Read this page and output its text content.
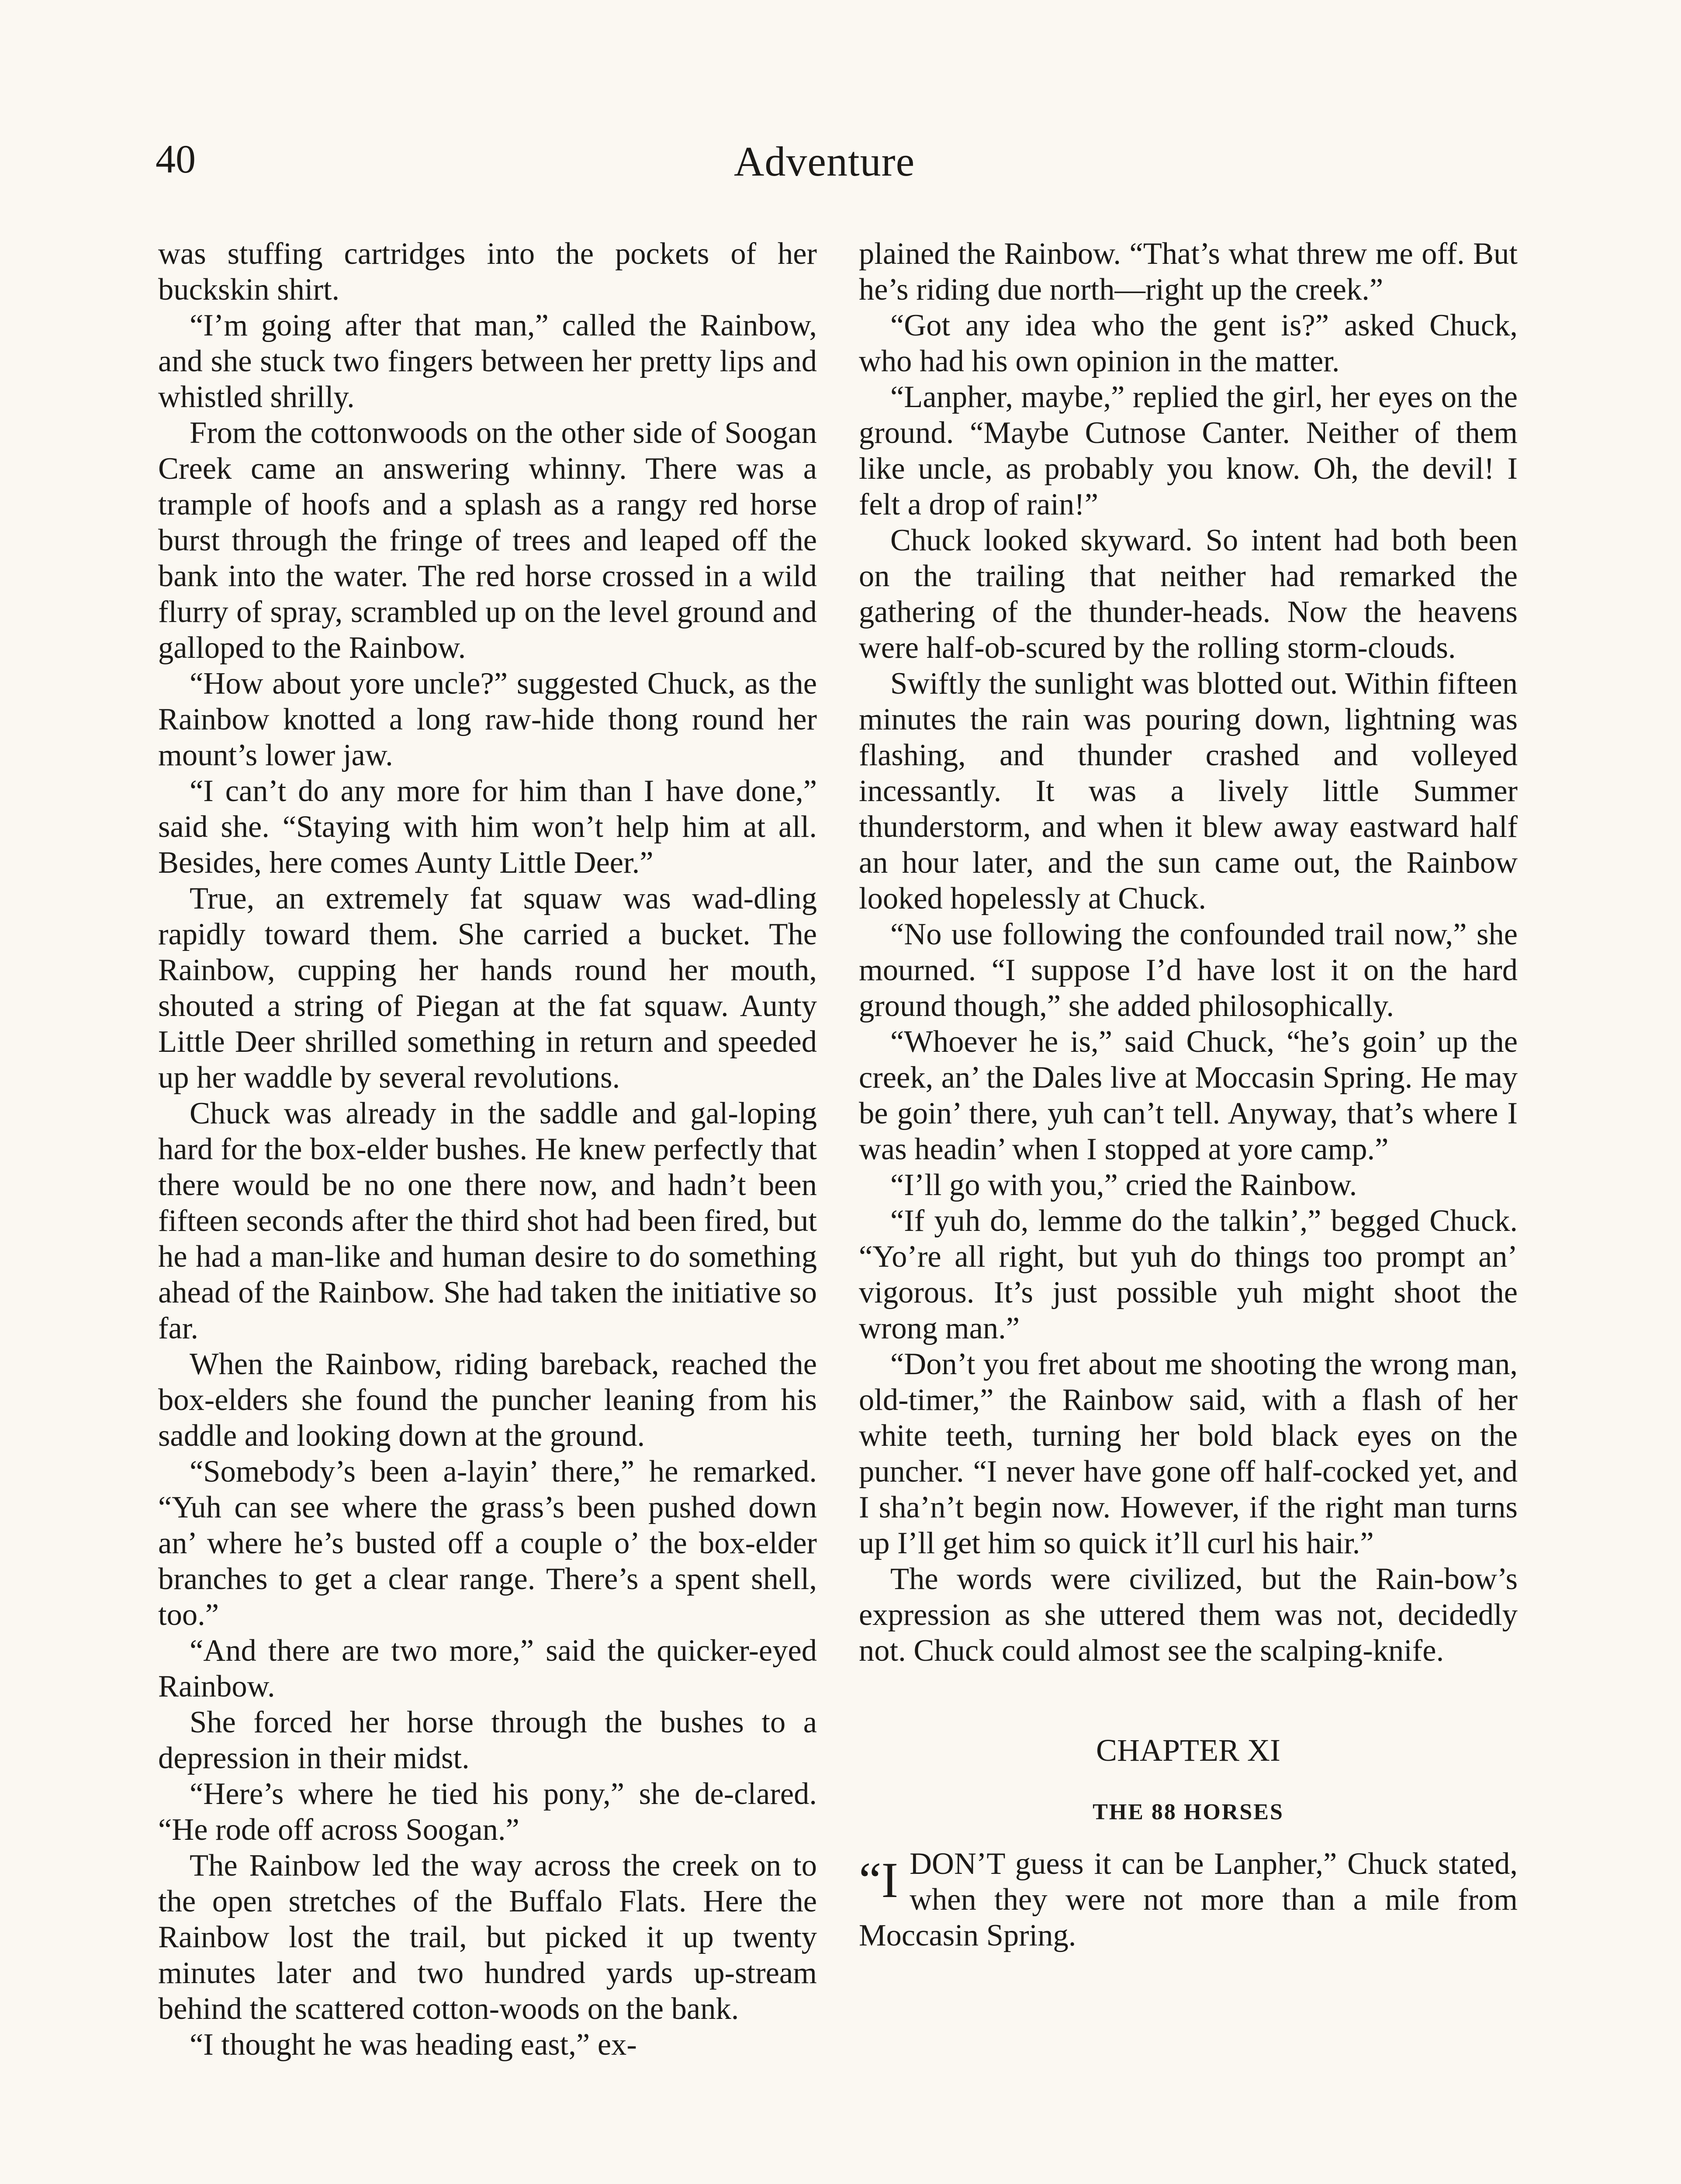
40	Adventure

was stuffing cartridges into the pockets of her buckskin shirt.

“I’m going after that man,” called the Rainbow, and she stuck two fingers between her pretty lips and whistled shrilly.

From the cottonwoods on the other side of Soogan Creek came an answering whinny. There was a trample of hoofs and a splash as a rangy red horse burst through the fringe of trees and leaped off the bank into the water. The red horse crossed in a wild flurry of spray, scrambled up on the level ground and galloped to the Rainbow.

“How about yore uncle?” suggested Chuck, as the Rainbow knotted a long raw-hide thong round her mount’s lower jaw.

“I can’t do any more for him than I have done,” said she. “Staying with him won’t help him at all. Besides, here comes Aunty Little Deer.”

True, an extremely fat squaw was wad-dling rapidly toward them. She carried a bucket. The Rainbow, cupping her hands round her mouth, shouted a string of Piegan at the fat squaw. Aunty Little Deer shrilled something in return and speeded up her waddle by several revolutions.

Chuck was already in the saddle and gal-loping hard for the box-elder bushes. He knew perfectly that there would be no one there now, and hadn’t been fifteen seconds after the third shot had been fired, but he had a man-like and human desire to do something ahead of the Rainbow. She had taken the initiative so far.

When the Rainbow, riding bareback, reached the box-elders she found the puncher leaning from his saddle and looking down at the ground.

“Somebody’s been a-layin’ there,” he remarked. “Yuh can see where the grass’s been pushed down an’ where he’s busted off a couple o’ the box-elder branches to get a clear range. There’s a spent shell, too.”

“And there are two more,” said the quicker-eyed Rainbow.

She forced her horse through the bushes to a depression in their midst.

“Here’s where he tied his pony,” she de-clared. “He rode off across Soogan.”

The Rainbow led the way across the creek on to the open stretches of the Buffalo Flats. Here the Rainbow lost the trail, but picked it up twenty minutes later and two hundred yards up-stream behind the scattered cotton-woods on the bank.

“I thought he was heading east,” ex-

plained the Rainbow. “That’s what threw me off. But he’s riding due north—right up the creek.”

“Got any idea who the gent is?” asked Chuck, who had his own opinion in the matter.

“Lanpher, maybe,” replied the girl, her eyes on the ground. “Maybe Cutnose Canter. Neither of them like uncle, as probably you know. Oh, the devil! I felt a drop of rain!”

Chuck looked skyward. So intent had both been on the trailing that neither had remarked the gathering of the thunder-heads. Now the heavens were half-ob-scured by the rolling storm-clouds.

Swiftly the sunlight was blotted out. Within fifteen minutes the rain was pouring down, lightning was flashing, and thunder crashed and volleyed incessantly. It was a lively little Summer thunderstorm, and when it blew away eastward half an hour later, and the sun came out, the Rainbow looked hopelessly at Chuck.

“No use following the confounded trail now,” she mourned. “I suppose I’d have lost it on the hard ground though,” she added philosophically.

“Whoever he is,” said Chuck, “he’s goin’ up the creek, an’ the Dales live at Moccasin Spring. He may be goin’ there, yuh can’t tell. Anyway, that’s where I was headin’ when I stopped at yore camp.”

“I’ll go with you,” cried the Rainbow.

“If yuh do, lemme do the talkin’,” begged Chuck. “Yo’re all right, but yuh do things too prompt an’ vigorous. It’s just possible yuh might shoot the wrong man.”

“Don’t you fret about me shooting the wrong man, old-timer,” the Rainbow said, with a flash of her white teeth, turning her bold black eyes on the puncher. “I never have gone off half-cocked yet, and I sha’n’t begin now. However, if the right man turns up I’ll get him so quick it’ll curl his hair.”

The words were civilized, but the Rain-bow’s expression as she uttered them was not, decidedly not. Chuck could almost see the scalping-knife.

CHAPTER XI
THE 88 HORSES

“IDON’T guess it can be Lanpher,” Chuck stated, when they were not more than a mile from Moccasin Spring.
